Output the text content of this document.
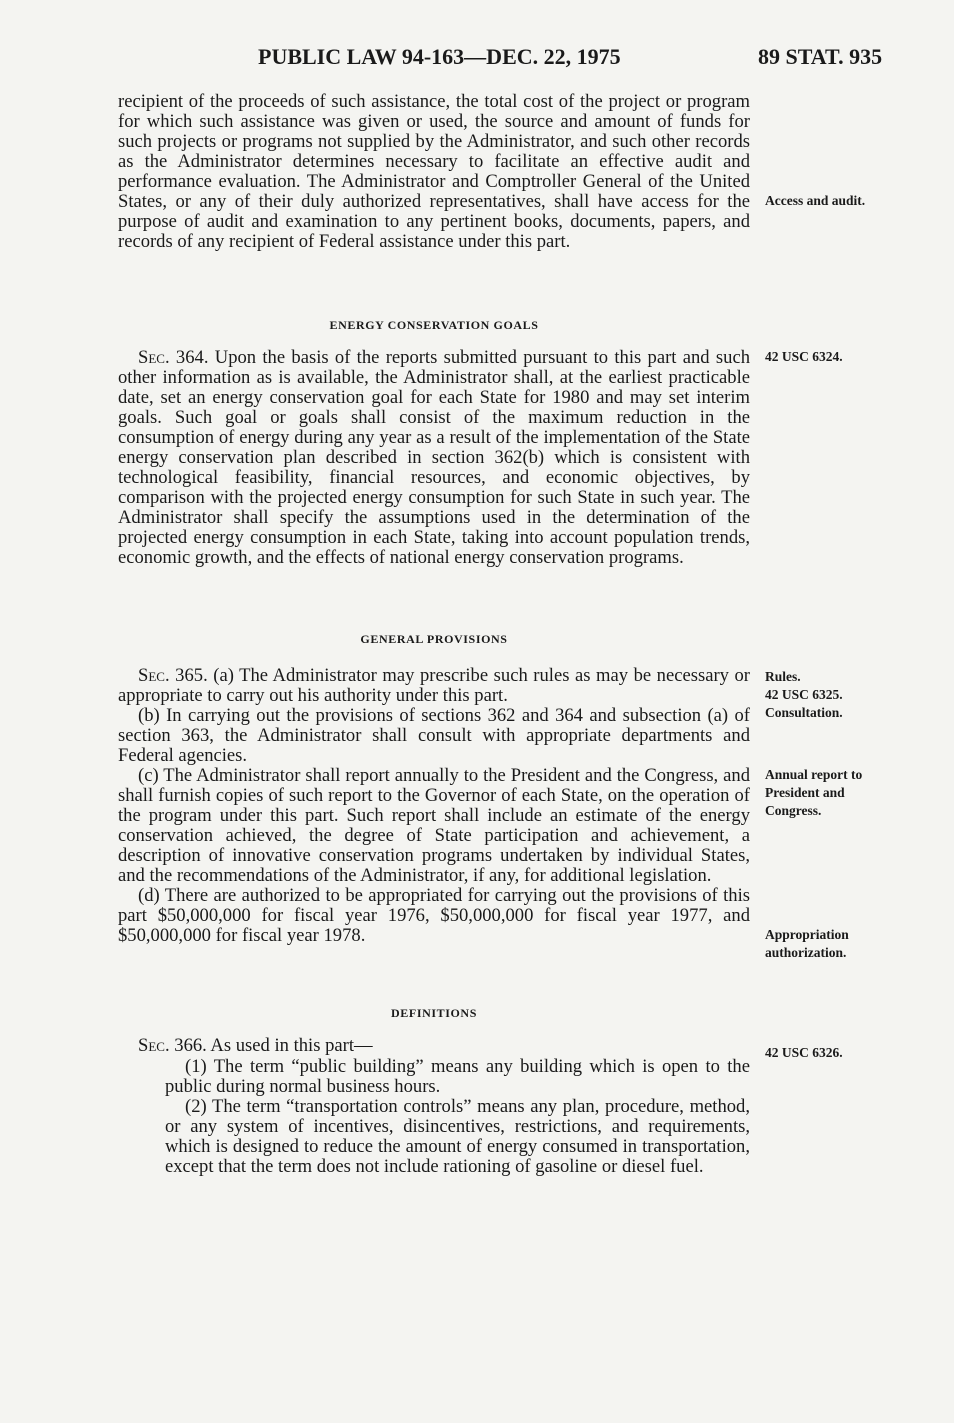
PUBLIC LAW 94-163—DEC. 22, 1975	89 STAT. 935

recipient of the proceeds of such assistance, the total cost of the project or program for which such assistance was given or used, the source and amount of funds for such projects or programs not supplied by the Administrator, and such other records as the Administrator determines necessary to facilitate an effective audit and performance evaluation. The Administrator and Comptroller General of the United States, or any of their duly authorized representatives, shall have access for the purpose of audit and examination to any pertinent books, documents, papers, and records of any recipient of Federal assistance under this part.

ENERGY CONSERVATION GOALS

Sec. 364. Upon the basis of the reports submitted pursuant to this part and such other information as is available, the Administrator shall, at the earliest practicable date, set an energy conservation goal for each State for 1980 and may set interim goals. Such goal or goals shall consist of the maximum reduction in the consumption of energy during any year as a result of the implementation of the State energy conservation plan described in section 362(b) which is consistent with technological feasibility, financial resources, and economic objectives, by comparison with the projected energy consumption for such State in such year. The Administrator shall specify the assumptions used in the determination of the projected energy consumption in each State, taking into account population trends, economic growth, and the effects of national energy conservation programs.

GENERAL PROVISIONS

Sec. 365. (a) The Administrator may prescribe such rules as may be necessary or appropriate to carry out his authority under this part.

(b) In carrying out the provisions of sections 362 and 364 and subsection (a) of section 363, the Administrator shall consult with appropriate departments and Federal agencies.

(c) The Administrator shall report annually to the President and the Congress, and shall furnish copies of such report to the Governor of each State, on the operation of the program under this part. Such report shall include an estimate of the energy conservation achieved, the degree of State participation and achievement, a description of innovative conservation programs undertaken by individual States, and the recommendations of the Administrator, if any, for additional legislation.

(d) There are authorized to be appropriated for carrying out the provisions of this part $50,000,000 for fiscal year 1976, $50,000,000 for fiscal year 1977, and $50,000,000 for fiscal year 1978.

DEFINITIONS

Sec. 366. As used in this part—

(1) The term “public building” means any building which is open to the public during normal business hours.

(2) The term “transportation controls” means any plan, procedure, method, or any system of incentives, disincentives, restrictions, and requirements, which is designed to reduce the amount of energy consumed in transportation, except that the term does not include rationing of gasoline or diesel fuel.

Access and audit.
42 USC 6324.
Rules.
42 USC 6325.
Consultation.
Annual report to
President and
Congress.
Appropriation
authorization.
42 USC 6326.
